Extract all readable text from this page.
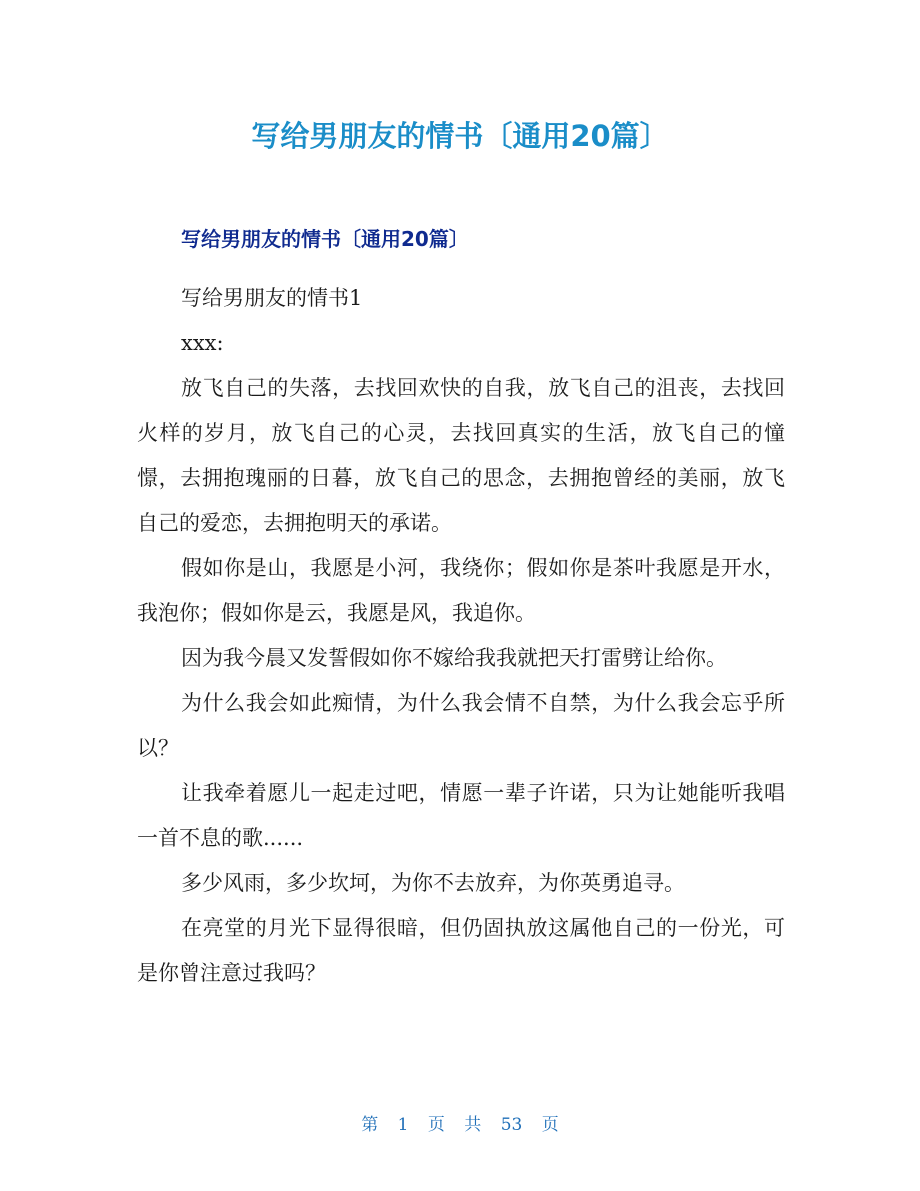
写给男朋友的情书〔通用20篇〕
写给男朋友的情书〔通用20篇〕

写给男朋友的情书1

xxx:

放飞自己的失落，去找回欢快的自我，放飞自己的沮丧，去找回火样的岁月，放飞自己的心灵，去找回真实的生活，放飞自己的憧憬，去拥抱瑰丽的日暮，放飞自己的思念，去拥抱曾经的美丽，放飞自己的爱恋，去拥抱明天的承诺。

假如你是山，我愿是小河，我绕你；假如你是茶叶我愿是开水，我泡你；假如你是云，我愿是风，我追你。

因为我今晨又发誓假如你不嫁给我我就把天打雷劈让给你。

为什么我会如此痴情，为什么我会情不自禁，为什么我会忘乎所以？

让我牵着愿儿一起走过吧，情愿一辈子许诺，只为让她能听我唱一首不息的歌......

多少风雨，多少坎坷，为你不去放弃，为你英勇追寻。

在亮堂的月光下显得很暗，但仍固执放这属他自己的一份光，可是你曾注意过我吗？

第 1 页 共 53 页
